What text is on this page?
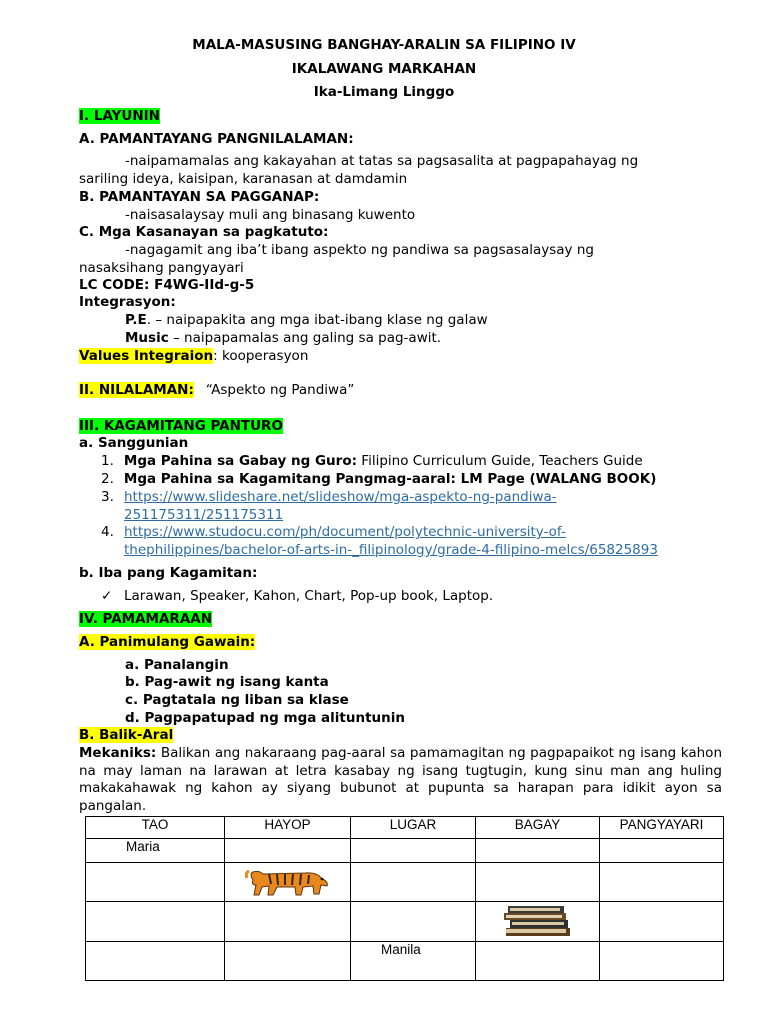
MALA-MASUSING BANGHAY-ARALIN SA FILIPINO IV
IKALAWANG MARKAHAN
Ika-Limang Linggo
I. LAYUNIN
A. PAMANTAYANG PANGNILALAMAN:
-naipamamalas ang kakayahan at tatas sa pagsasalita at pagpapahayag ng
sariling ideya, kaisipan, karanasan at damdamin
B. PAMANTAYAN SA PAGGANAP:
-naisasalaysay muli ang binasang kuwento
C. Mga Kasanayan sa pagkatuto:
-nagagamit ang iba’t ibang aspekto ng pandiwa sa pagsasalaysay ng
nasaksihang pangyayari
LC CODE: F4WG-IId-g-5
Integrasyon:
P.E. – naipapakita ang mga ibat-ibang klase ng galaw
Music – naipapamalas ang galing sa pag-awit.
Values Integraion: kooperasyon
II. NILALAMAN: “Aspekto ng Pandiwa”
III. KAGAMITANG PANTURO
a. Sanggunian
1. Mga Pahina sa Gabay ng Guro: Filipino Curriculum Guide, Teachers Guide
2. Mga Pahina sa Kagamitang Pangmag-aaral: LM Page (WALANG BOOK)
3. https://www.slideshare.net/slideshow/mga-aspekto-ng-pandiwa-
251175311/251175311
4. https://www.studocu.com/ph/document/polytechnic-university-of-
thephilippines/bachelor-of-arts-in-_filipinology/grade-4-filipino-melcs/65825893
b. Iba pang Kagamitan:
✓ Larawan, Speaker, Kahon, Chart, Pop-up book, Laptop.
IV. PAMAMARAAN
A. Panimulang Gawain:
a. Panalangin
b. Pag-awit ng isang kanta
c. Pagtatala ng liban sa klase
d. Pagpapatupad ng mga alituntunin
B. Balik-Aral
Mekaniks: Balikan ang nakaraang pag-aaral sa pamamagitan ng pagpapaikot ng isang kahon na may laman na larawan at letra kasabay ng isang tugtugin, kung sinu man ang huling makakahawak ng kahon ay siyang bubunot at pupunta sa harapan para idikit ayon sa pangalan.
TAO	HAYOP	LUGAR	BAGAY	PANGYAYARI
Maria				

		Manila		
